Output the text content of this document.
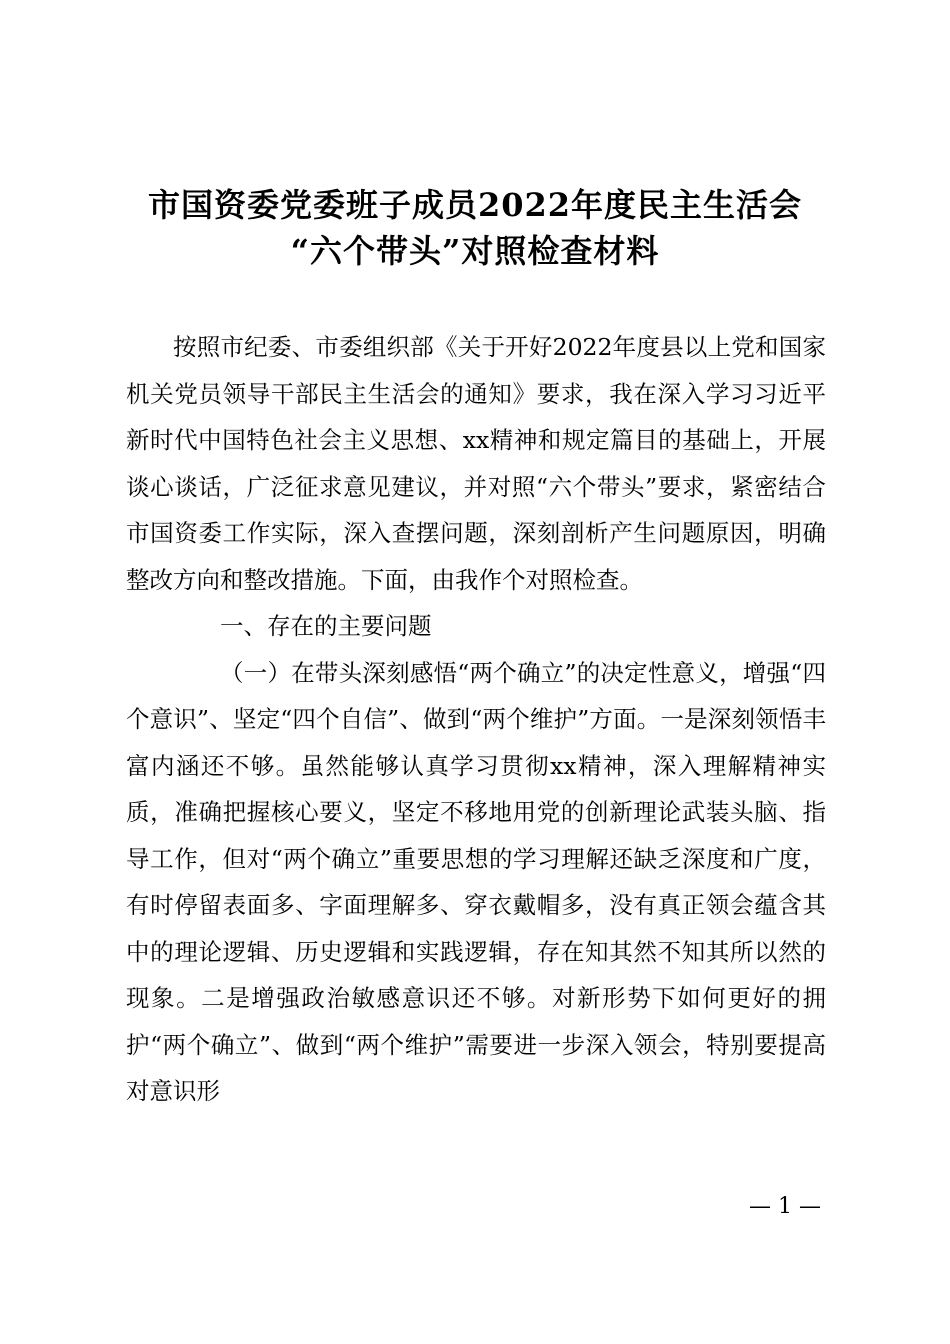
市国资委党委班子成员2022年度民主生活会
“六个带头”对照检查材料

按照市纪委、市委组织部《关于开好2022年度县以上党和国家机关党员领导干部民主生活会的通知》要求，我在深入学习习近平新时代中国特色社会主义思想、xx精神和规定篇目的基础上，开展谈心谈话，广泛征求意见建议，并对照“六个带头”要求，紧密结合市国资委工作实际，深入查摆问题，深刻剖析产生问题原因，明确整改方向和整改措施。下面，由我作个对照检查。

一、存在的主要问题

（一）在带头深刻感悟“两个确立”的决定性意义，增强“四个意识”、坚定“四个自信”、做到“两个维护”方面。一是深刻领悟丰富内涵还不够。虽然能够认真学习贯彻xx精神，深入理解精神实质，准确把握核心要义，坚定不移地用党的创新理论武装头脑、指导工作，但对“两个确立”重要思想的学习理解还缺乏深度和广度，有时停留表面多、字面理解多、穿衣戴帽多，没有真正领会蕴含其中的理论逻辑、历史逻辑和实践逻辑，存在知其然不知其所以然的现象。二是增强政治敏感意识还不够。对新形势下如何更好的拥护“两个确立”、做到“两个维护”需要进一步深入领会，特别要提高对意识形

— 1 —
